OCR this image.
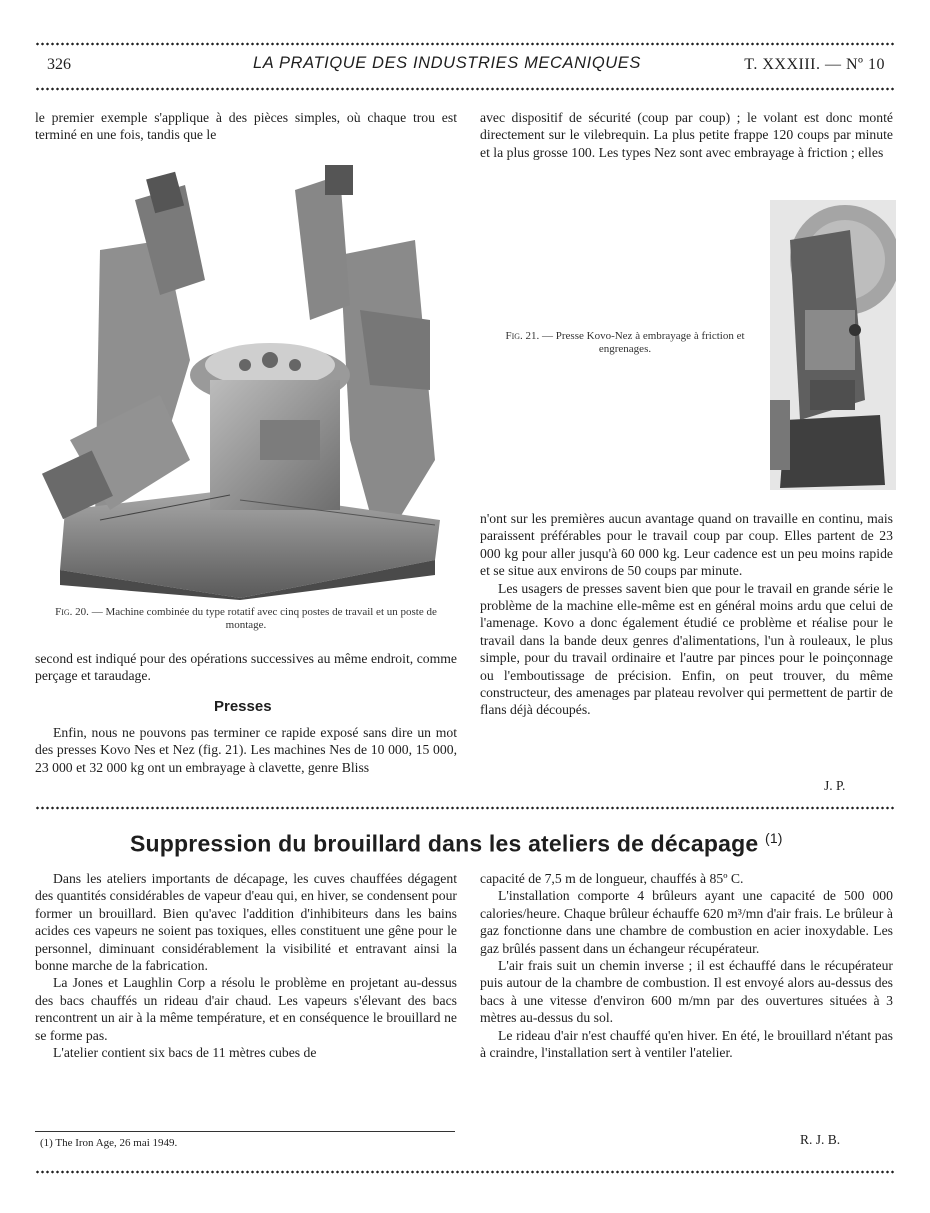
326	LA PRATIQUE DES INDUSTRIES MECANIQUES	T. XXXIII. — Nº 10

le premier exemple s'applique à des pièces simples, où chaque trou est terminé en une fois, tandis que le

Fig. 20. — Machine combinée du type rotatif avec cinq postes de travail et un poste de montage.

second est indiqué pour des opérations successives au même endroit, comme perçage et taraudage.

Presses

Enfin, nous ne pouvons pas terminer ce rapide exposé sans dire un mot des presses Kovo Nes et Nez (fig. 21). Les machines Nes de 10 000, 15 000, 23 000 et 32 000 kg ont un embrayage à clavette, genre Bliss

avec dispositif de sécurité (coup par coup) ; le volant est donc monté directement sur le vilebrequin. La plus petite frappe 120 coups par minute et la plus grosse 100. Les types Nez sont avec embrayage à friction ; elles

Fig. 21. — Presse Kovo-Nez à embrayage à friction et engrenages.

n'ont sur les premières aucun avantage quand on travaille en continu, mais paraissent préférables pour le travail coup par coup. Elles partent de 23 000 kg pour aller jusqu'à 60 000 kg. Leur cadence est un peu moins rapide et se situe aux environs de 50 coups par minute.

Les usagers de presses savent bien que pour le travail en grande série le problème de la machine elle-même est en général moins ardu que celui de l'amenage. Kovo a donc également étudié ce problème et réalise pour le travail dans la bande deux genres d'alimentations, l'un à rouleaux, le plus simple, pour du travail ordinaire et l'autre par pinces pour le poinçonnage ou l'emboutissage de précision. Enfin, on peut trouver, du même constructeur, des amenages par plateau revolver qui permettent de partir de flans déjà découpés.

J. P.
Suppression du brouillard dans les ateliers de décapage $^{(1)}$

Dans les ateliers importants de décapage, les cuves chauffées dégagent des quantités considérables de vapeur d'eau qui, en hiver, se condensent pour former un brouillard. Bien qu'avec l'addition d'inhibiteurs dans les bains acides ces vapeurs ne soient pas toxiques, elles constituent une gêne pour le personnel, diminuant considérablement la visibilité et entravant ainsi la bonne marche de la fabrication.

La Jones et Laughlin Corp a résolu le problème en projetant au-dessus des bacs chauffés un rideau d'air chaud. Les vapeurs s'élevant des bacs rencontrent un air à la même température, et en conséquence le brouillard ne se forme pas.

L'atelier contient six bacs de 11 mètres cubes de

(1) The Iron Age, 26 mai 1949.

capacité de 7,5 m de longueur, chauffés à 85º C.

L'installation comporte 4 brûleurs ayant une capacité de 500 000 calories/heure. Chaque brûleur échauffe 620 m³/mn d'air frais. Le brûleur à gaz fonctionne dans une chambre de combustion en acier inoxydable. Les gaz brûlés passent dans un échangeur récupérateur.

L'air frais suit un chemin inverse ; il est échauffé dans le récupérateur puis autour de la chambre de combustion. Il est envoyé alors au-dessus des bacs à une vitesse d'environ 600 m/mn par des ouvertures situées à 3 mètres au-dessus du sol.

Le rideau d'air n'est chauffé qu'en hiver. En été, le brouillard n'étant pas à craindre, l'installation sert à ventiler l'atelier.

R. J. B.
